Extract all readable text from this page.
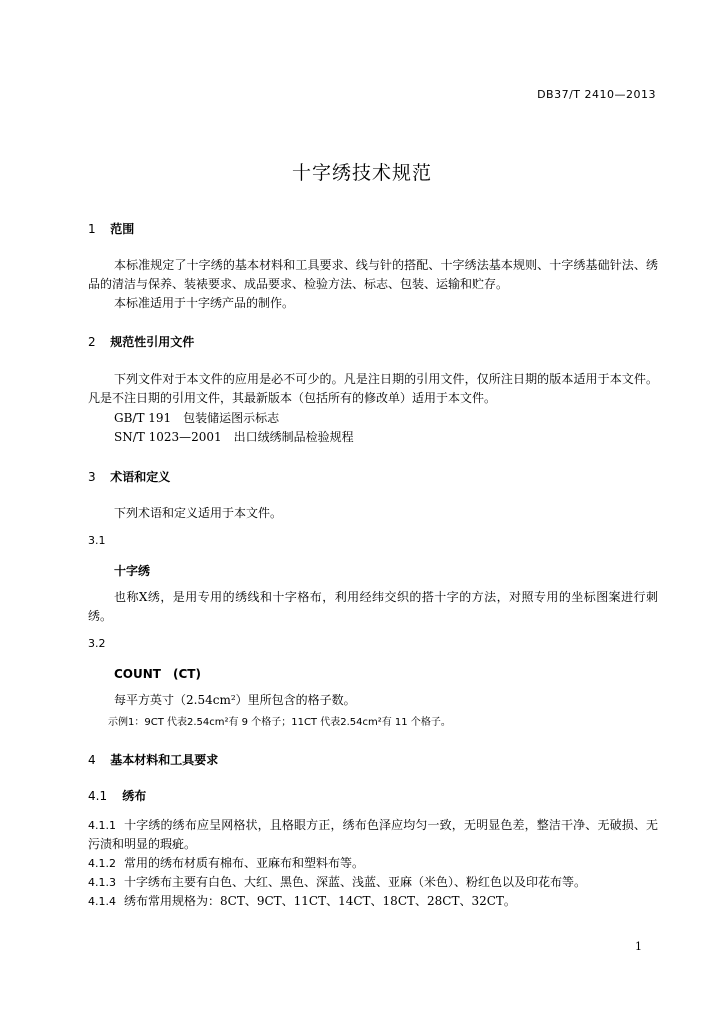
DB37/T 2410—2013
十字绣技术规范
1 范围
本标准规定了十字绣的基本材料和工具要求、线与针的搭配、十字绣法基本规则、十字绣基础针法、绣品的清洁与保养、装裱要求、成品要求、检验方法、标志、包装、运输和贮存。
本标准适用于十字绣产品的制作。
2 规范性引用文件
下列文件对于本文件的应用是必不可少的。凡是注日期的引用文件，仅所注日期的版本适用于本文件。凡是不注日期的引用文件，其最新版本（包括所有的修改单）适用于本文件。
GB/T 191　包装储运图示标志
SN/T 1023—2001　出口绒绣制品检验规程
3 术语和定义
下列术语和定义适用于本文件。
3.1
十字绣
也称X绣，是用专用的绣线和十字格布，利用经纬交织的搭十字的方法，对照专用的坐标图案进行刺绣。
3.2
COUNT　(CT)
每平方英寸（2.54cm²）里所包含的格子数。
示例1：9CT 代表2.54cm²有 9 个格子；11CT 代表2.54cm²有 11 个格子。
4 基本材料和工具要求
4.1 绣布
4.1.1 十字绣的绣布应呈网格状，且格眼方正，绣布色泽应均匀一致，无明显色差，整洁干净、无破损、无污渍和明显的瑕疵。
4.1.2 常用的绣布材质有棉布、亚麻布和塑料布等。
4.1.3 十字绣布主要有白色、大红、黑色、深蓝、浅蓝、亚麻（米色）、粉红色以及印花布等。
4.1.4 绣布常用规格为：8CT、9CT、11CT、14CT、18CT、28CT、32CT。
1
